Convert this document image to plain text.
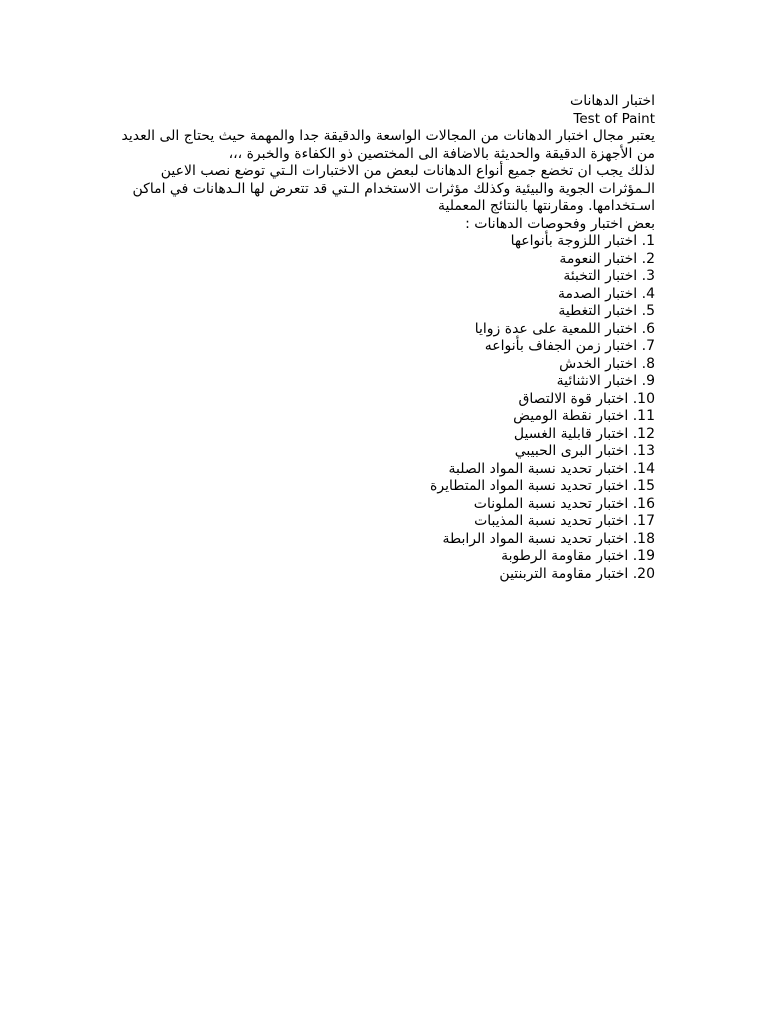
اختبار الدهانات
Test of Paint
يعتبر مجال اختبار الدهانات من المجالات الواسعة والدقيقة جدا والمهمة حيث يحتاج الى العديد
من الأجهزة الدقيقة والحديثة بالاضافة الى المختصين ذو الكفاءة والخبرة ،،،
لذلك يجب ان تخضع جميع أنواع الدهانات لبعض من الاختبارات الـتي توضع نصب الاعين
الـمؤثرات الجوية والبيئية وكذلك مؤثرات الاستخدام الـتي قد تتعرض لها الـدهانات في اماكن
اسـتخدامها. ومقارنتها بالنتائج المعملية
بعض اختبار وفحوصات الدهانات :
1. اختبار اللزوجة بأنواعها
2. اختبار النعومة
3. اختبار التخبئة
4. اختبار الصدمة
5. اختبار التغطية
6. اختبار اللمعية على عدة زوايا
7. اختبار زمن الجفاف بأنواعه
8. اختبار الخدش
9. اختبار الانثنائية
10. اختبار قوة الالتصاق
11. اختبار نقطة الوميض
12. اختبار قابلية الغسيل
13. اختبار البرى الحبيبي
14. اختبار تحديد نسبة المواد الصلبة
15. اختبار تحديد نسبة المواد المتطايرة
16. اختبار تحديد نسبة الملونات
17. اختبار تحديد نسبة المذيبات
18. اختبار تحديد نسبة المواد الرابطة
19. اختبار مقاومة الرطوبة
20. اختبار مقاومة التربنتين
